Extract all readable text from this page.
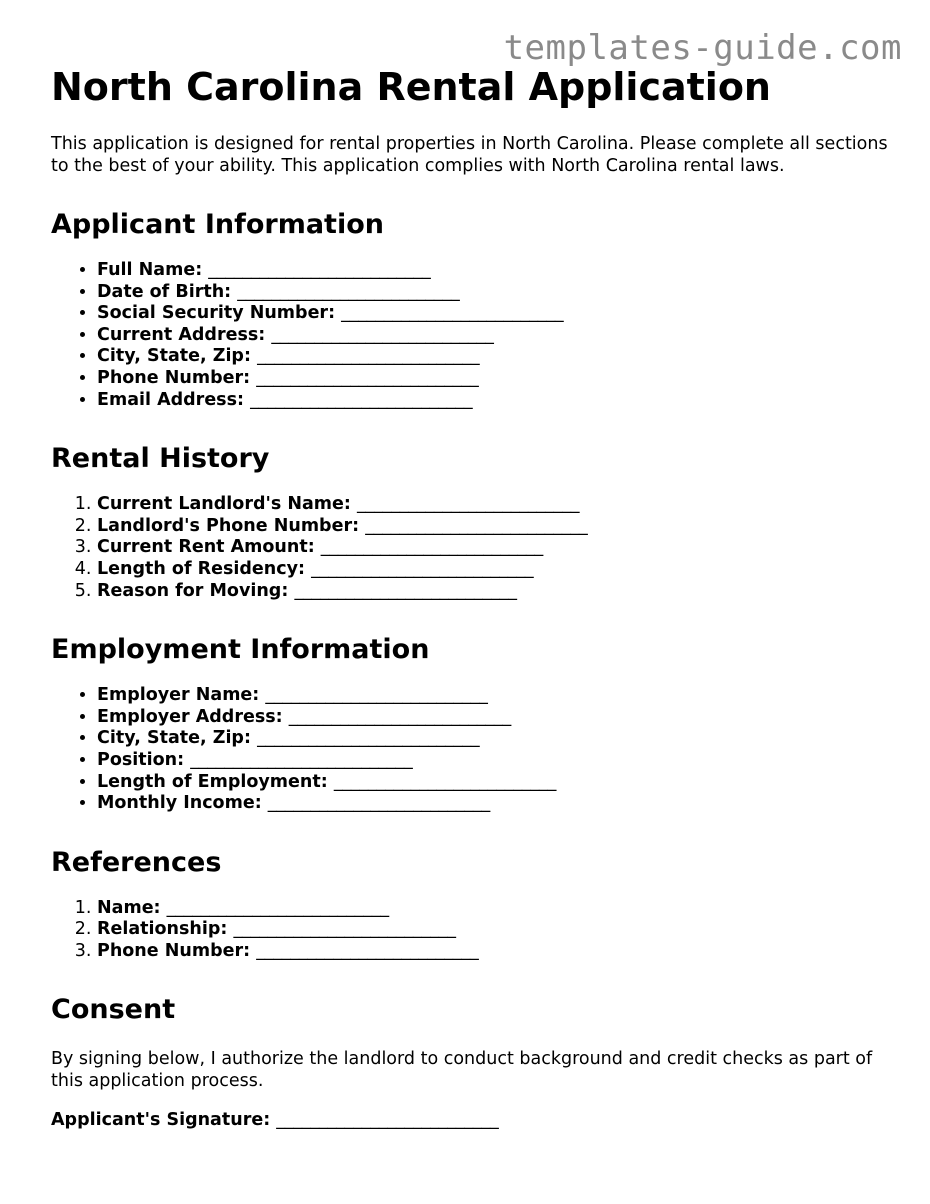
templates-guide.com
North Carolina Rental Application

This application is designed for rental properties in North Carolina. Please complete all sections to the best of your ability. This application complies with North Carolina rental laws.

Applicant Information
• Full Name: __________________________
• Date of Birth: __________________________
• Social Security Number: __________________________
• Current Address: __________________________
• City, State, Zip: __________________________
• Phone Number: __________________________
• Email Address: __________________________
Rental History
1. Current Landlord's Name: __________________________
2. Landlord's Phone Number: __________________________
3. Current Rent Amount: __________________________
4. Length of Residency: __________________________
5. Reason for Moving: __________________________
Employment Information
• Employer Name: __________________________
• Employer Address: __________________________
• City, State, Zip: __________________________
• Position: __________________________
• Length of Employment: __________________________
• Monthly Income: __________________________
References
1. Name: __________________________
2. Relationship: __________________________
3. Phone Number: __________________________
Consent

By signing below, I authorize the landlord to conduct background and credit checks as part of this application process.

Applicant's Signature: __________________________
